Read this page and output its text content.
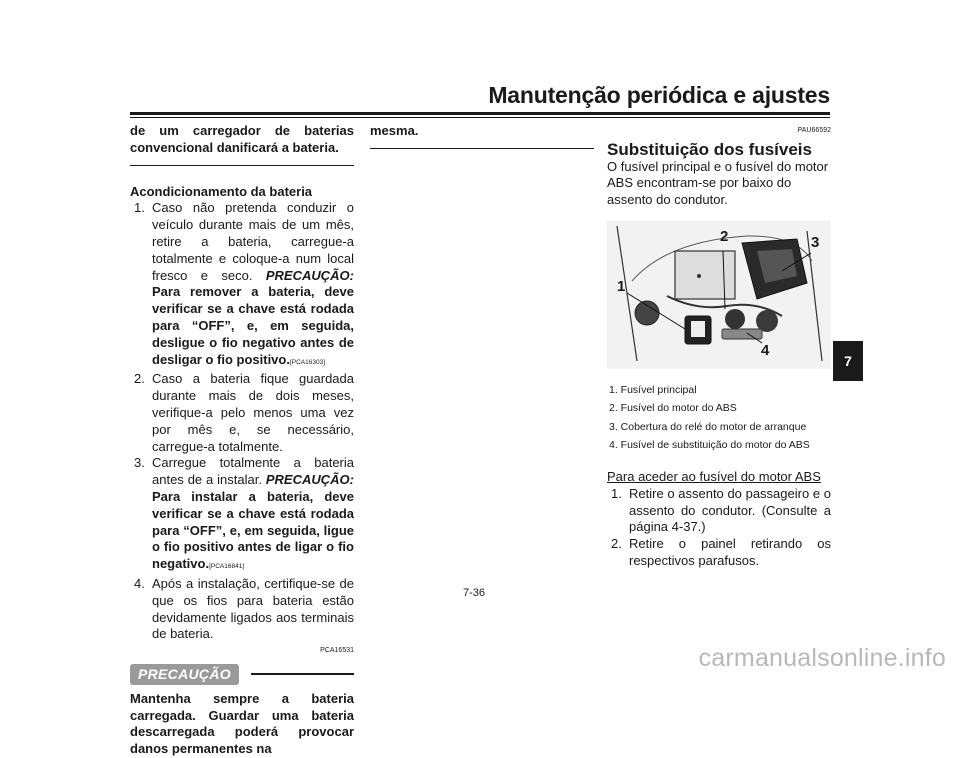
Manutenção periódica e ajustes
de um carregador de baterias convencional danificará a bateria.
Acondicionamento da bateria
1. Caso não pretenda conduzir o veículo durante mais de um mês, retire a bateria, carregue-a totalmente e coloque-a num local fresco e seco. PRECAUÇÃO: Para remover a bateria, deve verificar se a chave está rodada para “OFF”, e, em seguida, desligue o fio negativo antes de desligar o fio positivo.[PCA16303]
2. Caso a bateria fique guardada durante mais de dois meses, verifique-a pelo menos uma vez por mês e, se necessário, carregue-a totalmente.
3. Carregue totalmente a bateria antes de a instalar. PRECAUÇÃO: Para instalar a bateria, deve verificar se a chave está rodada para “OFF”, e, em seguida, ligue o fio positivo antes de ligar o fio negativo.[PCA16841]
4. Após a instalação, certifique-se de que os fios para bateria estão devidamente ligados aos terminais de bateria.
PCA16531
PRECAUÇÃO
Mantenha sempre a bateria carregada. Guardar uma bateria descarregada poderá provocar danos permanentes na
mesma.	PAU66592
Substituição dos fusíveis
O fusível principal e o fusível do motor ABS encontram-se por baixo do assento do condutor.
1
2	3
4
1. Fusível principal
2. Fusível do motor do ABS
3. Cobertura do relé do motor de arranque
4. Fusível de substituição do motor do ABS
Para aceder ao fusível do motor ABS
1. Retire o assento do passageiro e o assento do condutor. (Consulte a página 4-37.)
2. Retire o painel retirando os respectivos parafusos.
7
7-36
carmanualsonline.info
